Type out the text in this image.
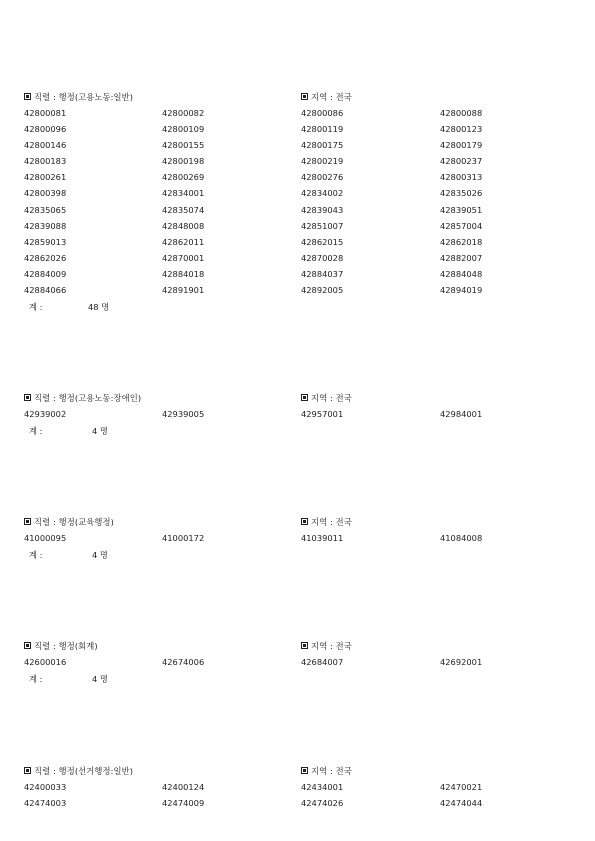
직렬 : 행정(고용노동:일반)	지역 : 전국
42800081	42800082	42800086	42800088
42800096	42800109	42800119	42800123
42800146	42800155	42800175	42800179
42800183	42800198	42800219	42800237
42800261	42800269	42800276	42800313
42800398	42834001	42834002	42835026
42835065	42835074	42839043	42839051
42839088	42848008	42851007	42857004
42859013	42862011	42862015	42862018
42862026	42870001	42870028	42882007
42884009	42884018	42884037	42884048
42884066	42891901	42892005	42894019
계 :	48 명
직렬 : 행정(고용노동:장애인)	지역 : 전국
42939002	42939005	42957001	42984001
계 :	4 명
직렬 : 행정(교육행정)	지역 : 전국
41000095	41000172	41039011	41084008
계 :	4 명
직렬 : 행정(회계)	지역 : 전국
42600016	42674006	42684007	42692001
계 :	4 명
직렬 : 행정(선거행정:일반)	지역 : 전국
42400033	42400124	42434001	42470021
42474003	42474009	42474026	42474044
